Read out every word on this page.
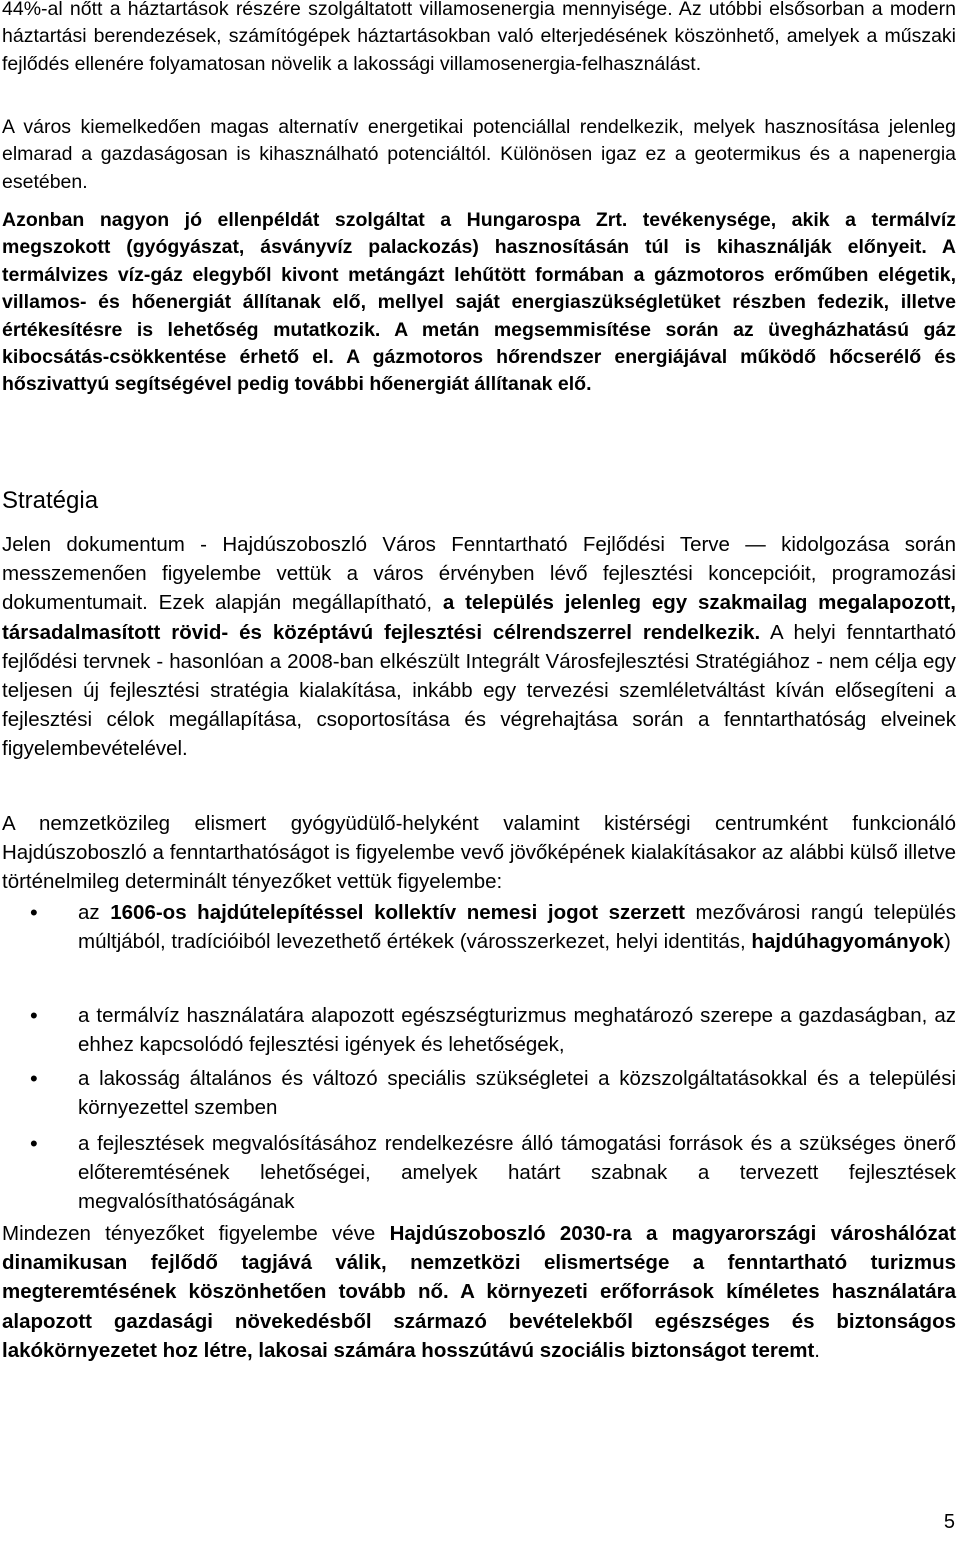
44%-al nőtt a háztartások részére szolgáltatott villamosenergia mennyisége. Az utóbbi elsősorban a modern háztartási berendezések, számítógépek háztartásokban való elterjedésének köszönhető, amelyek a műszaki fejlődés ellenére folyamatosan növelik a lakossági villamosenergia-felhasználást.

A város kiemelkedően magas alternatív energetikai potenciállal rendelkezik, melyek hasznosítása jelenleg elmarad a gazdaságosan is kihasználható potenciáltól. Különösen igaz ez a geotermikus és a napenergia esetében.

Azonban nagyon jó ellenpéldát szolgáltat a Hungarospa Zrt. tevékenysége, akik a termálvíz megszokott (gyógyászat, ásványvíz palackozás) hasznosításán túl is kihasználják előnyeit. A termálvizes víz-gáz elegyből kivont metángázt lehűtött formában a gázmotoros erőműben elégetik, villamos- és hőenergiát állítanak elő, mellyel saját energiaszükségletüket részben fedezik, illetve értékesítésre is lehetőség mutatkozik. A metán megsemmisítése során az üvegházhatású gáz kibocsátás-csökkentése érhető el. A gázmotoros hőrendszer energiájával működő hőcserélő és hőszivattyú segítségével pedig további hőenergiát állítanak elő.

Stratégia

Jelen dokumentum - Hajdúszoboszló Város Fenntartható Fejlődési Terve — kidolgozása során messzemenően figyelembe vettük a város érvényben lévő fejlesztési koncepcióit, programozási dokumentumait. Ezek alapján megállapítható, a település jelenleg egy szakmailag megalapozott, társadalmasított rövid- és középtávú fejlesztési célrendszerrel rendelkezik. A helyi fenntartható fejlődési tervnek - hasonlóan a 2008-ban elkészült Integrált Városfejlesztési Stratégiához - nem célja egy teljesen új fejlesztési stratégia kialakítása, inkább egy tervezési szemléletváltást kíván elősegíteni a fejlesztési célok megállapítása, csoportosítása és végrehajtása során a fenntarthatóság elveinek figyelembevételével.

A nemzetközileg elismert gyógyüdülő-helyként valamint kistérségi centrumként funkcionáló Hajdúszoboszló a fenntarthatóságot is figyelembe vevő jövőképének kialakításakor az alábbi külső illetve történelmileg determinált tényezőket vettük figyelembe:

• az 1606-os hajdútelepítéssel kollektív nemesi jogot szerzett mezővárosi rangú település múltjából, tradícióiból levezethető értékek (városszerkezet, helyi identitás, hajdúhagyományok)

• a termálvíz használatára alapozott egészségturizmus meghatározó szerepe a gazdaságban, az ehhez kapcsolódó fejlesztési igények és lehetőségek,

• a lakosság általános és változó speciális szükségletei a közszolgáltatásokkal és a települési környezettel szemben

• a fejlesztések megvalósításához rendelkezésre álló támogatási források és a szükséges önerő előteremtésének lehetőségei, amelyek határt szabnak a tervezett fejlesztések megvalósíthatóságának

Mindezen tényezőket figyelembe véve Hajdúszoboszló 2030-ra a magyarországi városhálózat dinamikusan fejlődő tagjává válik, nemzetközi elismertsége a fenntartható turizmus megteremtésének köszönhetően tovább nő. A környezeti erőforrások kíméletes használatára alapozott gazdasági növekedésből származó bevételekből egészséges és biztonságos lakókörnyezetet hoz létre, lakosai számára hosszútávú szociális biztonságot teremt.

5
